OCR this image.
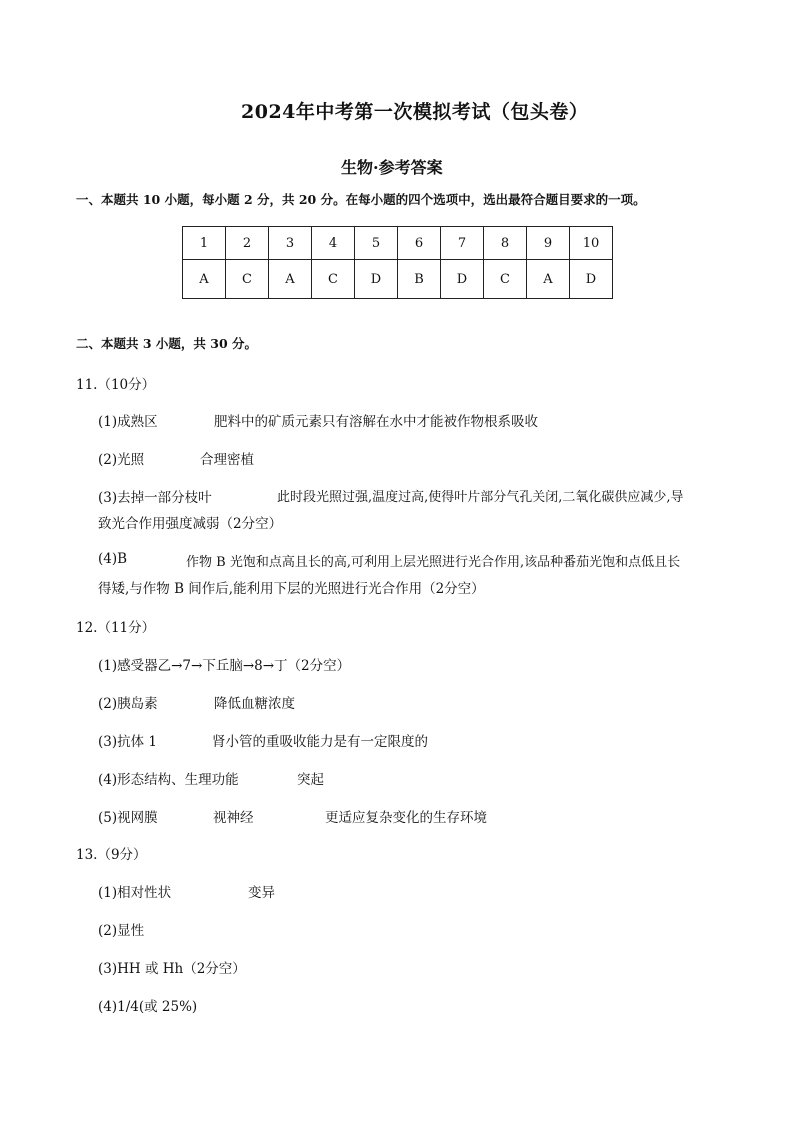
2024年中考第一次模拟考试（包头卷）
生物·参考答案
一、本题共 10 小题，每小题 2 分，共 20 分。在每小题的四个选项中，选出最符合题目要求的一项。
1	2	3	4	5	6	7	8	9	10
A	C	A	C	D	B	D	C	A	D
二、本题共 3 小题，共 30 分。
11.（10分）
(1)成熟区	肥料中的矿质元素只有溶解在水中才能被作物根系吸收
(2)光照	合理密植
(3)去掉一部分枝叶	此时段光照过强,温度过高,使得叶片部分气孔关闭,二氧化碳供应减少,导
致光合作用强度减弱（2分空）
(4)B	作物 B 光饱和点高且长的高,可利用上层光照进行光合作用,该品种番茄光饱和点低且长
得矮,与作物 B 间作后,能利用下层的光照进行光合作用（2分空）
12.（11分）
(1)感受器乙→7→下丘脑→8→丁（2分空）
(2)胰岛素	降低血糖浓度
(3)抗体 1	肾小管的重吸收能力是有一定限度的
(4)形态结构、生理功能	突起
(5)视网膜	视神经	更适应复杂变化的生存环境
13.（9分）
(1)相对性状	变异
(2)显性
(3)HH 或 Hh（2分空）
(4)1/4(或 25%)
